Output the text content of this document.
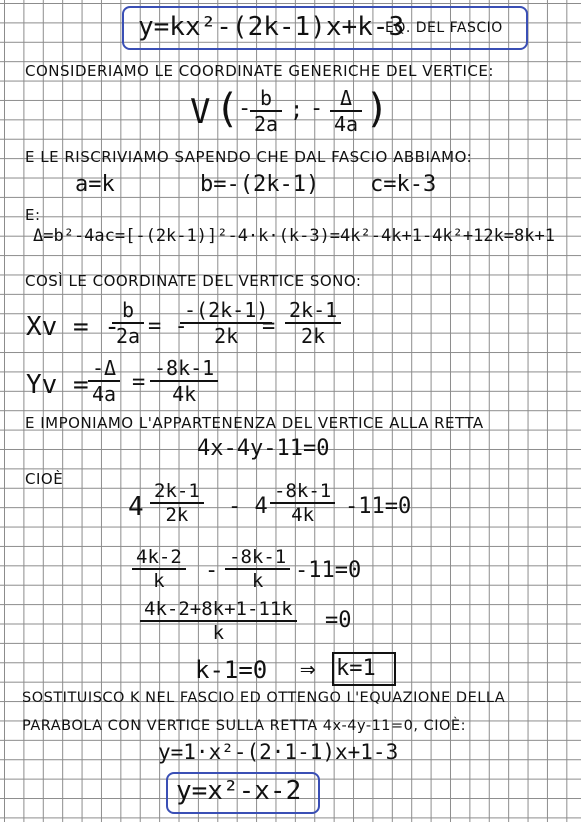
y=kx²-(2k-1)x+k-3
EQ. DEL FASCIO
CONSIDERIAMO LE COORDINATE GENERICHE DEL VERTICE:
V (
-
$\frac{b}{2a}$ ; - $\frac{\Delta}{4a}$ )
E LE RISCRIVIAMO SAPENDO CHE DAL FASCIO ABBIAMO:
a=k	b=-(2k-1) c=k-3
E:
Δ=b²-4ac=[-(2k-1)]²-4·k·(k-3)=4k²-4k+1-4k²+12k=8k+1
COSÌ LE COORDINATE DEL VERTICE SONO:
Xv = -
$\frac{b}{2a}$ = -
$\frac{-(2k-1)}{2k}$
= $\frac{2k-1}{2k}$
$Yv = \frac{-\Delta}{4a} = \frac{-8k-1}{4k}$
E IMPONIAMO L'APPARTENENZA DEL VERTICE ALLA RETTA
4x-4y-11=0
CIOÈ
$4 \frac{2k-1}{2k} - 4 \frac{-8k-1}{4k} -11=0$
$\frac{4k-2}{k} - \frac{-8k-1}{k} -11=0$
$\frac{4k-2+8k+1-11k}{k} =0$
k-1=0 ⇒ k=1
SOSTITUISCO K NEL FASCIO ED OTTENGO L'EQUAZIONE DELLA
PARABOLA CON VERTICE SULLA RETTA 4x-4y-11=0, CIOÈ:
y=1·x²-(2·1-1)x+1-3
y=x²-x-2
